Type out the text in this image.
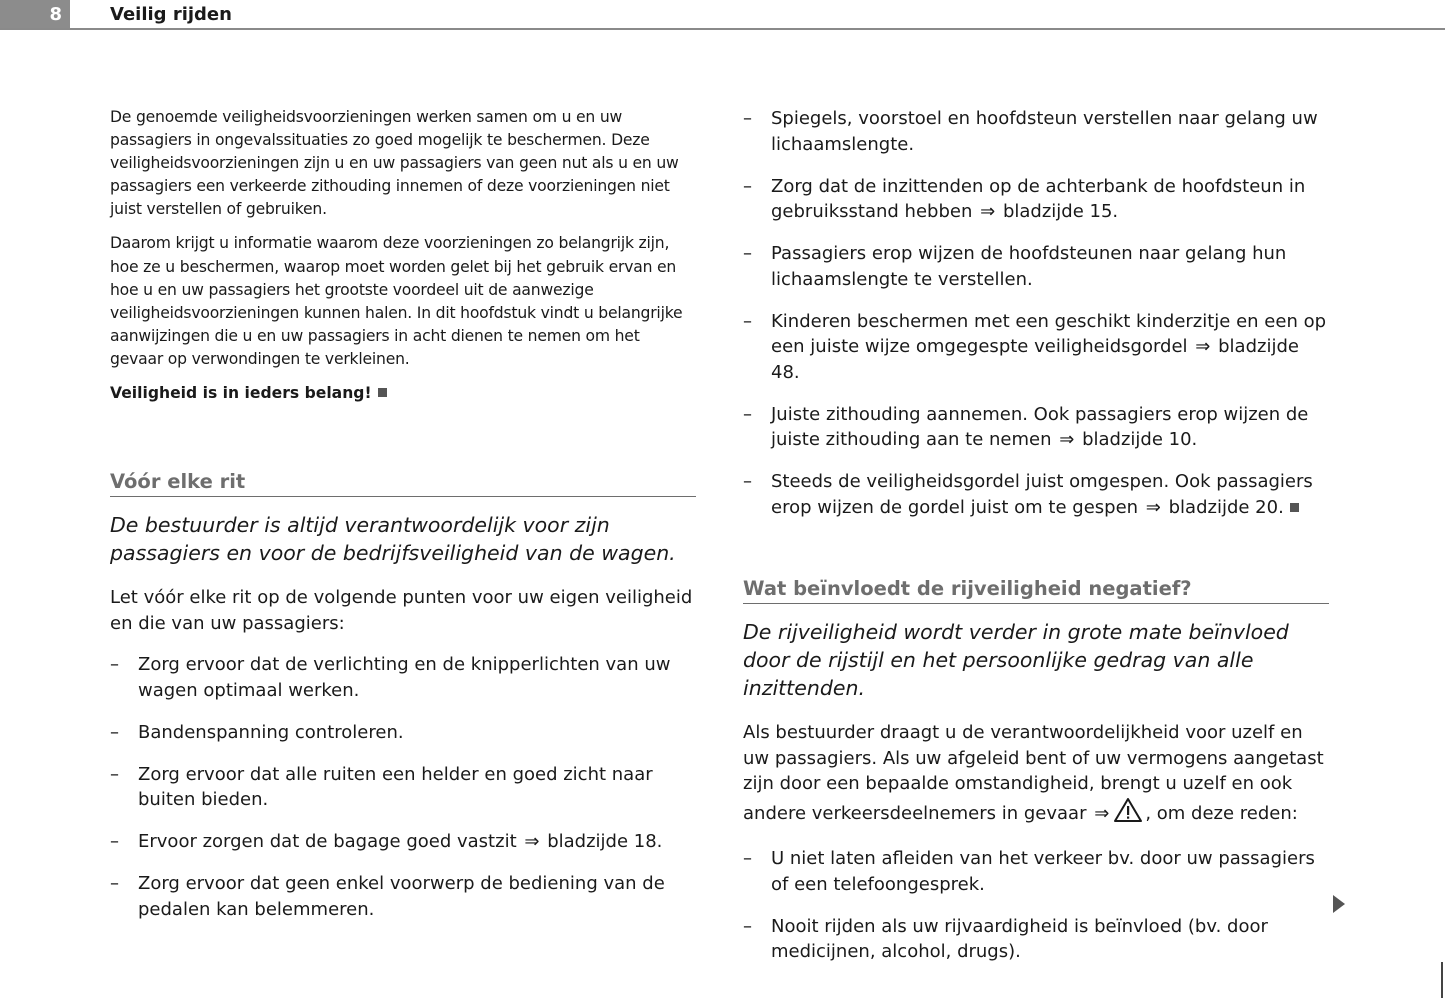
8	Veilig rijden

De genoemde veiligheidsvoorzieningen werken samen om u en uw passagiers in ongevalssituaties zo goed mogelijk te beschermen. Deze veiligheidsvoorzieningen zijn u en uw passagiers van geen nut als u en uw passagiers een verkeerde zithouding innemen of deze voorzieningen niet juist verstellen of gebruiken.

Daarom krijgt u informatie waarom deze voorzieningen zo belangrijk zijn, hoe ze u beschermen, waarop moet worden gelet bij het gebruik ervan en hoe u en uw passagiers het grootste voordeel uit de aanwezige veiligheidsvoorzieningen kunnen halen. In dit hoofdstuk vindt u belangrijke aanwijzingen die u en uw passagiers in acht dienen te nemen om het gevaar op verwondingen te verkleinen.

Veiligheid is in ieders belang!

Vóór elke rit

De bestuurder is altijd verantwoordelijk voor zijn passagiers en voor de bedrijfsveiligheid van de wagen.

Let vóór elke rit op de volgende punten voor uw eigen veiligheid en die van uw passagiers:

– Zorg ervoor dat de verlichting en de knipperlichten van uw wagen optimaal werken.
– Bandenspanning controleren.
– Zorg ervoor dat alle ruiten een helder en goed zicht naar buiten bieden.
– Ervoor zorgen dat de bagage goed vastzit ⇒ bladzijde 18.
– Zorg ervoor dat geen enkel voorwerp de bediening van de pedalen kan belemmeren.
– Spiegels, voorstoel en hoofdsteun verstellen naar gelang uw lichaamslengte.
– Zorg dat de inzittenden op de achterbank de hoofdsteun in gebruiksstand hebben ⇒ bladzijde 15.
– Passagiers erop wijzen de hoofdsteunen naar gelang hun lichaamslengte te verstellen.
– Kinderen beschermen met een geschikt kinderzitje en een op een juiste wijze omgegespte veiligheidsgordel ⇒ bladzijde 48.
– Juiste zithouding aannemen. Ook passagiers erop wijzen de juiste zithouding aan te nemen ⇒ bladzijde 10.
– Steeds de veiligheidsgordel juist omgespen. Ook passagiers erop wijzen de gordel juist om te gespen ⇒ bladzijde 20.
Wat beïnvloedt de rijveiligheid negatief?

De rijveiligheid wordt verder in grote mate beïnvloed door de rijstijl en het persoonlijke gedrag van alle inzittenden.

Als bestuurder draagt u de verantwoordelijkheid voor uzelf en uw passagiers. Als uw afgeleid bent of uw vermogens aangetast zijn door een bepaalde omstandigheid, brengt u uzelf en ook andere verkeersdeelnemers in gevaar ⇒ , om deze reden:

– U niet laten afleiden van het verkeer bv. door uw passagiers of een telefoongesprek.
– Nooit rijden als uw rijvaardigheid is beïnvloed (bv. door medicijnen, alcohol, drugs).
